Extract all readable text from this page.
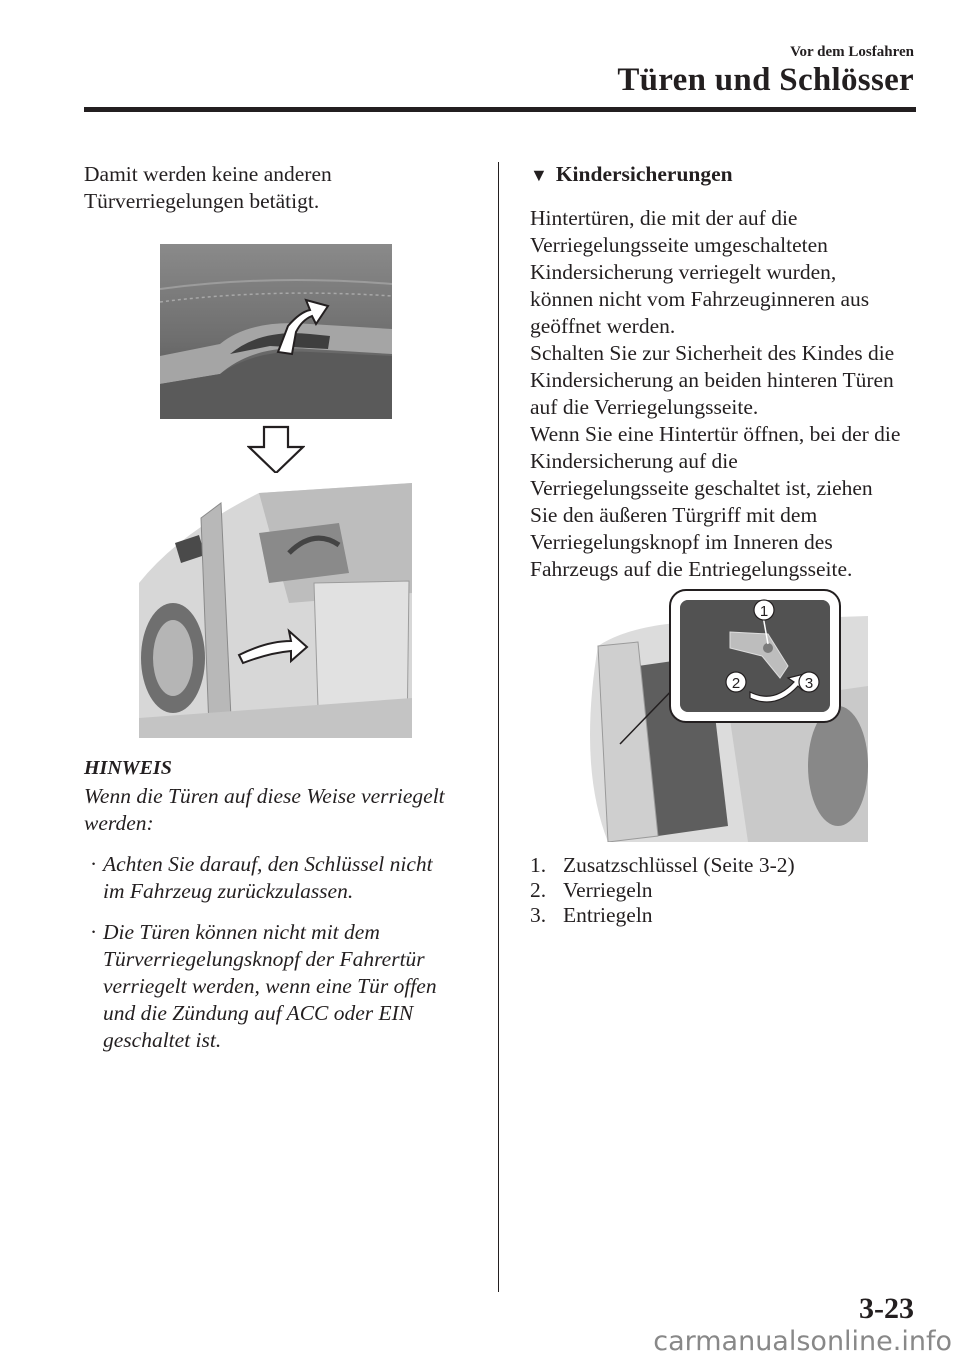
Vor dem Losfahren
Türen und Schlösser

Damit werden keine anderen

Türverriegelungen betätigt.

HINWEIS
Wenn die Türen auf diese Weise verriegelt
werden:
· Achten Sie darauf, den Schlüssel nicht
im Fahrzeug zurückzulassen.
· Die Türen können nicht mit dem
Türverriegelungsknopf der Fahrertür
verriegelt werden, wenn eine Tür offen
und die Zündung auf ACC oder EIN
geschaltet ist.
▼ Kindersicherungen

Hintertüren, die mit der auf die

Verriegelungsseite umgeschalteten

Kindersicherung verriegelt wurden,

können nicht vom Fahrzeuginneren aus

geöffnet werden.

Schalten Sie zur Sicherheit des Kindes die

Kindersicherung an beiden hinteren Türen

auf die Verriegelungsseite.

Wenn Sie eine Hintertür öffnen, bei der die

Kindersicherung auf die

Verriegelungsseite geschaltet ist, ziehen

Sie den äußeren Türgriff mit dem

Verriegelungsknopf im Inneren des

Fahrzeugs auf die Entriegelungsseite.

1
2	3
1. Zusatzschlüssel (Seite 3-2)
2. Verriegeln
3. Entriegeln
3-23
carmanualsonline.info
